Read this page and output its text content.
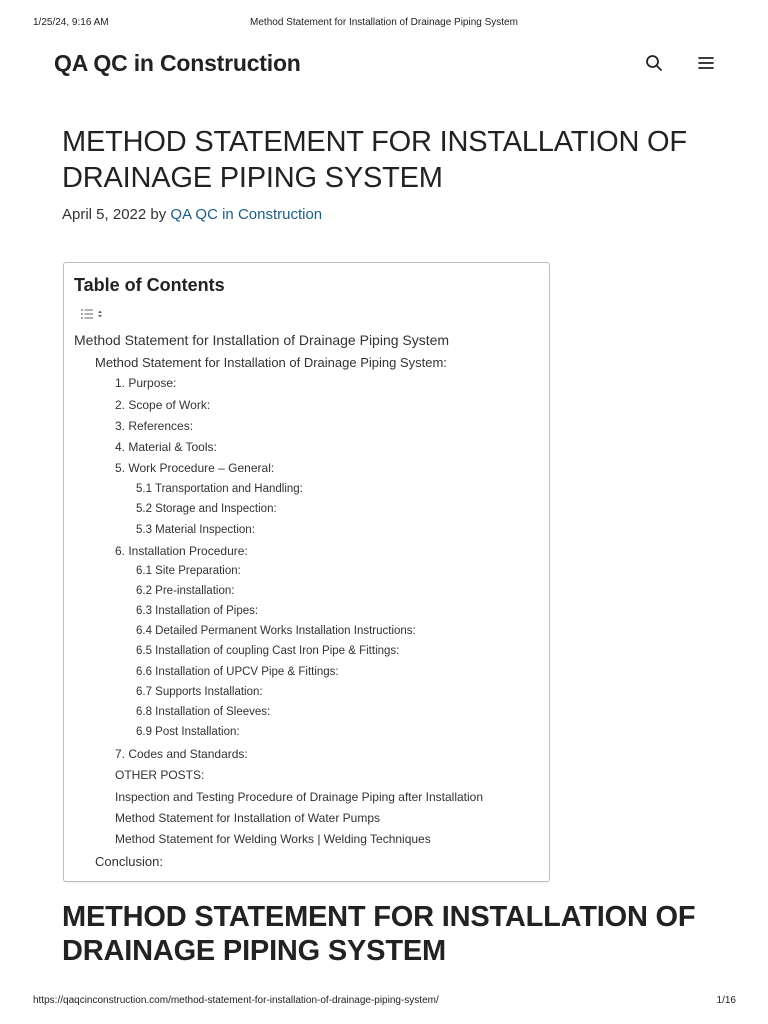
1/25/24, 9:16 AM	Method Statement for Installation of Drainage Piping System
QA QC in Construction
METHOD STATEMENT FOR INSTALLATION OF DRAINAGE PIPING SYSTEM
April 5, 2022 by QA QC in Construction
Table of Contents
Method Statement for Installation of Drainage Piping System
Method Statement for Installation of Drainage Piping System:
1. Purpose:
2. Scope of Work:
3. References:
4. Material & Tools:
5. Work Procedure – General:
5.1 Transportation and Handling:
5.2 Storage and Inspection:
5.3 Material Inspection:
6. Installation Procedure:
6.1 Site Preparation:
6.2 Pre-installation:
6.3 Installation of Pipes:
6.4 Detailed Permanent Works Installation Instructions:
6.5 Installation of coupling Cast Iron Pipe & Fittings:
6.6 Installation of UPCV Pipe & Fittings:
6.7 Supports Installation:
6.8 Installation of Sleeves:
6.9 Post Installation:
7. Codes and Standards:
OTHER POSTS:
Inspection and Testing Procedure of Drainage Piping after Installation
Method Statement for Installation of Water Pumps
Method Statement for Welding Works | Welding Techniques
Conclusion:
METHOD STATEMENT FOR INSTALLATION OF DRAINAGE PIPING SYSTEM
https://qaqcinconstruction.com/method-statement-for-installation-of-drainage-piping-system/	1/16
